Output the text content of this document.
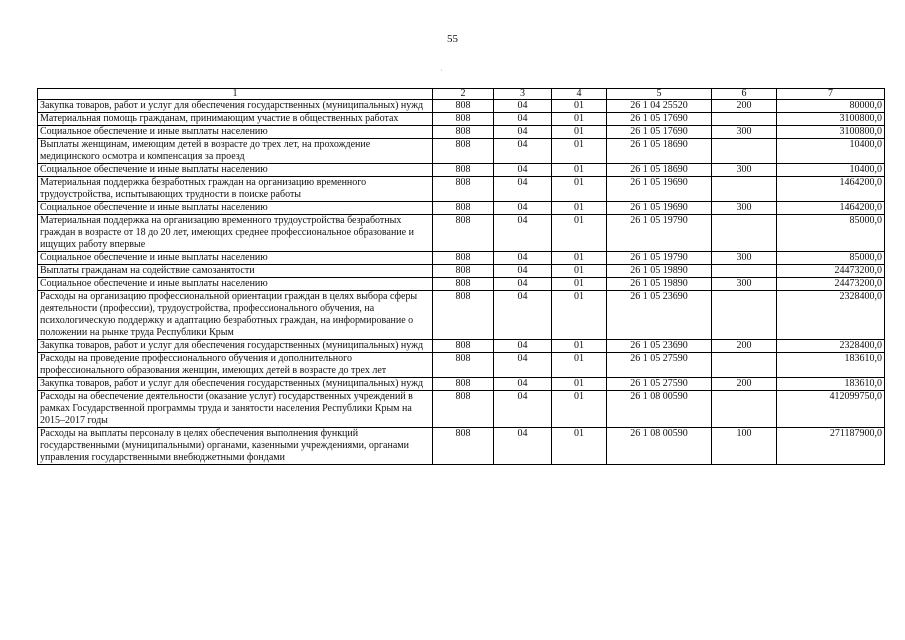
55
·
1	2	3	4	5	6	7
Закупка товаров, работ и услуг для обеспечения государственных (муниципальных) нужд	808	04	01	26 1 04 25520	200	80000,0
Материальная помощь гражданам, принимающим участие в общественных работах	808	04	01	26 1 05 17690		3100800,0
Социальное обеспечение и иные выплаты населению	808	04	01	26 1 05 17690	300	3100800,0
Выплаты женщинам, имеющим детей в возрасте до трех лет, на прохождение медицинского осмотра и компенсация за проезд	808	04	01	26 1 05 18690		10400,0
Социальное обеспечение и иные выплаты населению	808	04	01	26 1 05 18690	300	10400,0
Материальная поддержка безработных граждан на организацию временного трудоустройства, испытывающих трудности в поиске работы	808	04	01	26 1 05 19690		1464200,0
Социальное обеспечение и иные выплаты населению	808	04	01	26 1 05 19690	300	1464200,0
Материальная поддержка на организацию временного трудоустройства безработных граждан в возрасте от 18 до 20 лет, имеющих среднее профессиональное образование и ищущих работу впервые	808	04	01	26 1 05 19790		85000,0
Социальное обеспечение и иные выплаты населению	808	04	01	26 1 05 19790	300	85000,0
Выплаты гражданам на содействие самозанятости	808	04	01	26 1 05 19890		24473200,0
Социальное обеспечение и иные выплаты населению	808	04	01	26 1 05 19890	300	24473200,0
Расходы на организацию профессиональной ориентации граждан в целях выбора сферы деятельности (профессии), трудоустройства, профессионального обучения, на психологическую поддержку и адаптацию безработных граждан, на информирование о положении на рынке труда Республики Крым	808	04	01	26 1 05 23690		2328400,0
Закупка товаров, работ и услуг для обеспечения государственных (муниципальных) нужд	808	04	01	26 1 05 23690	200	2328400,0
Расходы на проведение профессионального обучения и дополнительного профессионального образования женщин, имеющих детей в возрасте до трех лет	808	04	01	26 1 05 27590		183610,0
Закупка товаров, работ и услуг для обеспечения государственных (муниципальных) нужд	808	04	01	26 1 05 27590	200	183610,0
Расходы на обеспечение деятельности (оказание услуг) государственных учреждений в рамках Государственной программы труда и занятости населения Республики Крым на 2015–2017 годы	808	04	01	26 1 08 00590		412099750,0
Расходы на выплаты персоналу в целях обеспечения выполнения функций государственными (муниципальными) органами, казенными учреждениями, органами управления государственными внебюджетными фондами	808	04	01	26 1 08 00590	100	271187900,0
